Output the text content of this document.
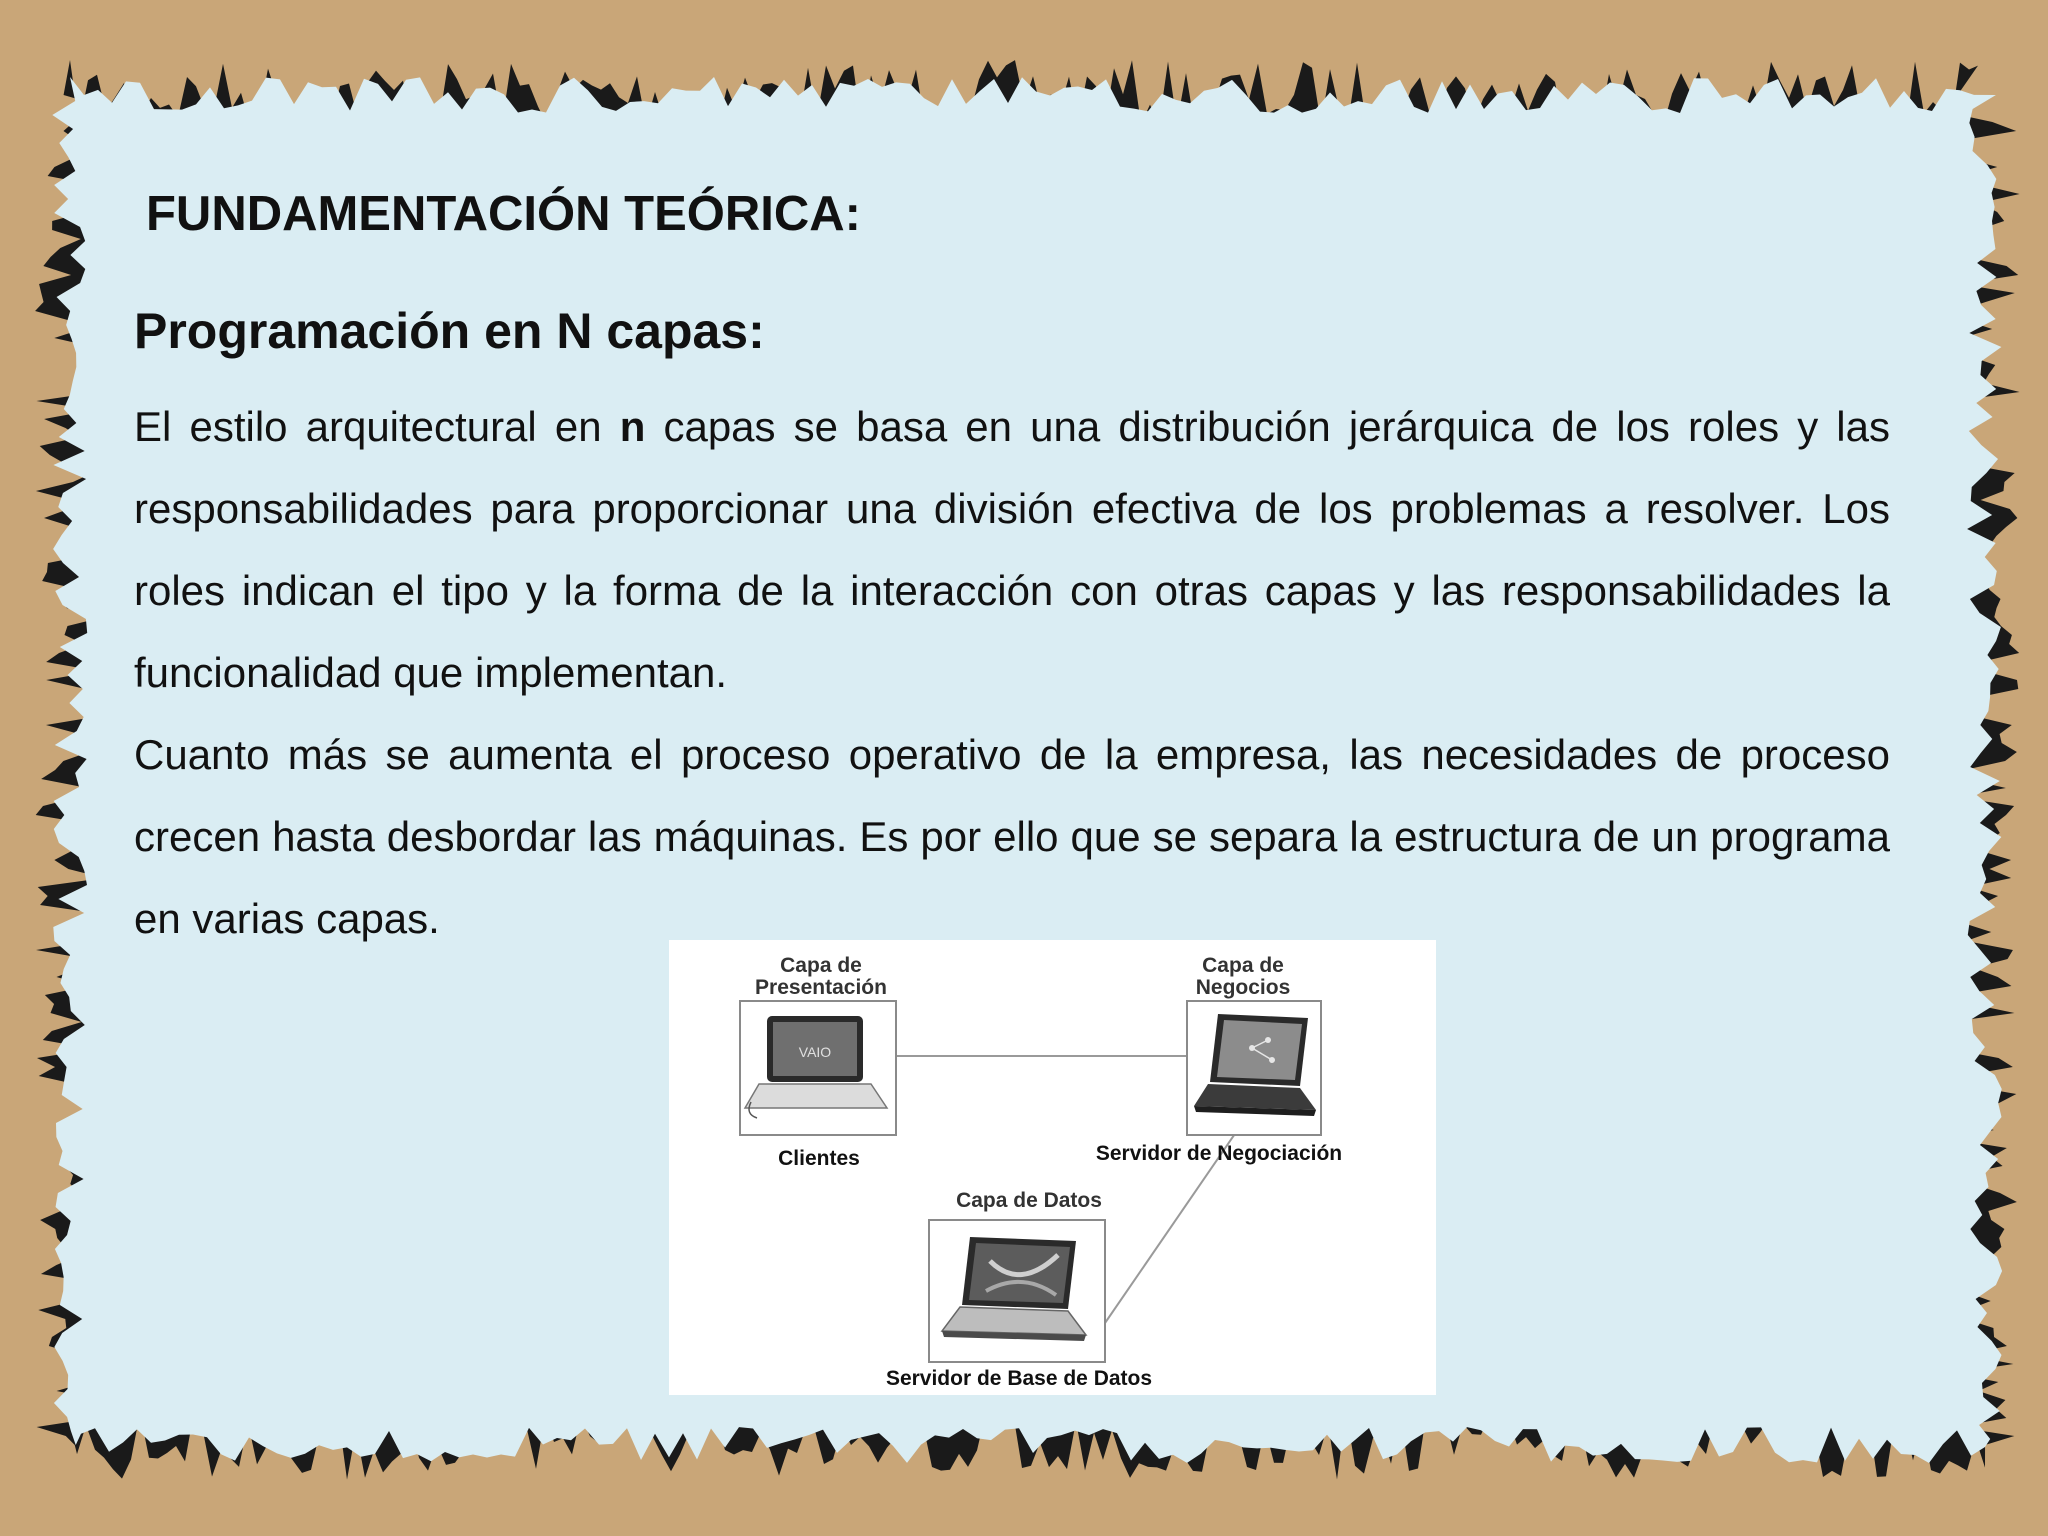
FUNDAMENTACIÓN TEÓRICA:
Programación en N capas:

El estilo arquitectural en n capas se basa en una distribución jerárquica de los roles y las responsabilidades para proporcionar una división efectiva de los problemas a resolver. Los roles indican el tipo y la forma de la interacción con otras capas y las responsabilidades la funcionalidad que implementan.

Cuanto más se aumenta el proceso operativo de la empresa, las necesidades de proceso crecen hasta desbordar las máquinas. Es por ello que se separa la estructura de un programa en varias capas.

Capa de
Presentación
Capa de
Negocios
VAIO
Clientes	Servidor de Negociación
Capa de Datos
Servidor de Base de Datos
